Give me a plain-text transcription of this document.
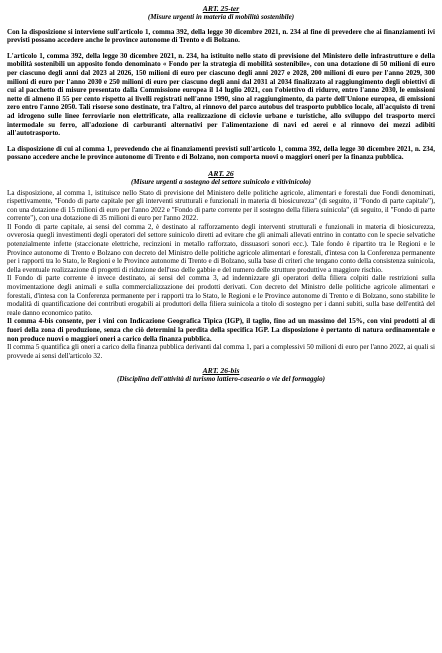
ART. 25-ter
(Misure urgenti in materia di mobilità sostenibile)

Con la disposizione si interviene sull'articolo 1, comma 392, della legge 30 dicembre 2021, n. 234 al fine di prevedere che ai finanziamenti ivi previsti possano accedere anche le province autonome di Trento e di Bolzano.

L'articolo 1, comma 392, della legge 30 dicembre 2021, n. 234, ha istituito nello stato di previsione del Ministero delle infrastrutture e della mobilità sostenibili un apposito fondo denominato « Fondo per la strategia di mobilità sostenibile», con una dotazione di 50 milioni di euro per ciascuno degli anni dal 2023 al 2026, 150 milioni di euro per ciascuno degli anni 2027 e 2028, 200 milioni di euro per l'anno 2029, 300 milioni di euro per l'anno 2030 e 250 milioni di euro per ciascuno degli anni dal 2031 al 2034 finalizzato al raggiungimento degli obiettivi di cui al pacchetto di misure presentato dalla Commissione europea il 14 luglio 2021, con l'obiettivo di ridurre, entro l'anno 2030, le emissioni nette di almeno il 55 per cento rispetto ai livelli registrati nell'anno 1990, sino al raggiungimento, da parte dell'Unione europea, di emissioni zero entro l'anno 2050. Tali risorse sono destinate, tra l'altro, al rinnovo del parco autobus del trasporto pubblico locale, all'acquisto di treni ad idrogeno sulle linee ferroviarie non elettrificate, alla realizzazione di ciclovie urbane e turistiche, allo sviluppo del trasporto merci intermodale su ferro, all'adozione di carburanti alternativi per l'alimentazione di navi ed aerei e al rinnovo dei mezzi adibiti all'autotrasporto.

La disposizione di cui al comma 1, prevedendo che ai finanziamenti previsti sull'articolo 1, comma 392, della legge 30 dicembre 2021, n. 234, possano accedere anche le province autonome di Trento e di Bolzano, non comporta nuovi o maggiori oneri per la finanza pubblica.

ART. 26
(Misure urgenti a sostegno del settore suinicolo e vitivinicolo)

La disposizione, al comma 1, istituisce nello Stato di previsione del Ministero delle politiche agricole, alimentari e forestali due Fondi denominati, rispettivamente, "Fondo di parte capitale per gli interventi strutturali e funzionali in materia di biosicurezza" (di seguito, il "Fondo di parte capitale"), con una dotazione di 15 milioni di euro per l'anno 2022 e "Fondo di parte corrente per il sostegno della filiera suinicola" (di seguito, il "Fondo di parte corrente"), con una dotazione di 35 milioni di euro per l'anno 2022.

Il Fondo di parte capitale, ai sensi del comma 2, è destinato al rafforzamento degli interventi strutturali e funzionali in materia di biosicurezza, ovverosia quegli investimenti degli operatori del settore suinicolo diretti ad evitare che gli animali allevati entrino in contatto con le specie selvatiche potenzialmente infette (staccionate elettriche, recinzioni in metallo rafforzato, dissuasori sonori ecc.). Tale fondo è ripartito tra le Regioni e le Province autonome di Trento e Bolzano con decreto del Ministro delle politiche agricole alimentari e forestali, d'intesa con la Conferenza permanente per i rapporti tra lo Stato, le Regioni e le Province autonome di Trento e di Bolzano, sulla base di criteri che tengano conto della consistenza suinicola, della eventuale realizzazione di progetti di riduzione dell'uso delle gabbie e del numero delle strutture produttive a maggiore rischio.

Il Fondo di parte corrente è invece destinato, ai sensi del comma 3, ad indennizzare gli operatori della filiera colpiti dalle restrizioni sulla movimentazione degli animali e sulla commercializzazione dei prodotti derivati. Con decreto del Ministro delle politiche agricole alimentari e forestali, d'intesa con la Conferenza permanente per i rapporti tra lo Stato, le Regioni e le Province autonome di Trento e di Bolzano, sono stabilite le modalità di quantificazione dei contributi erogabili ai produttori della filiera suinicola a titolo di sostegno per i danni subiti, sulla base dell'entità del reale danno economico patito.

Il comma 4-bis consente, per i vini con Indicazione Geografica Tipica (IGP), il taglio, fino ad un massimo del 15%, con vini prodotti al di fuori della zona di produzione, senza che ciò determini la perdita della specifica IGP. La disposizione è pertanto di natura ordinamentale e non produce nuovi o maggiori oneri a carico della finanza pubblica.

Il comma 5 quantifica gli oneri a carico della finanza pubblica derivanti dal comma 1, pari a complessivi 50 milioni di euro per l'anno 2022, ai quali si provvede ai sensi dell'articolo 32.

ART. 26-bis
(Disciplina dell'attività di turismo lattiero-caseario o vie del formaggio)
